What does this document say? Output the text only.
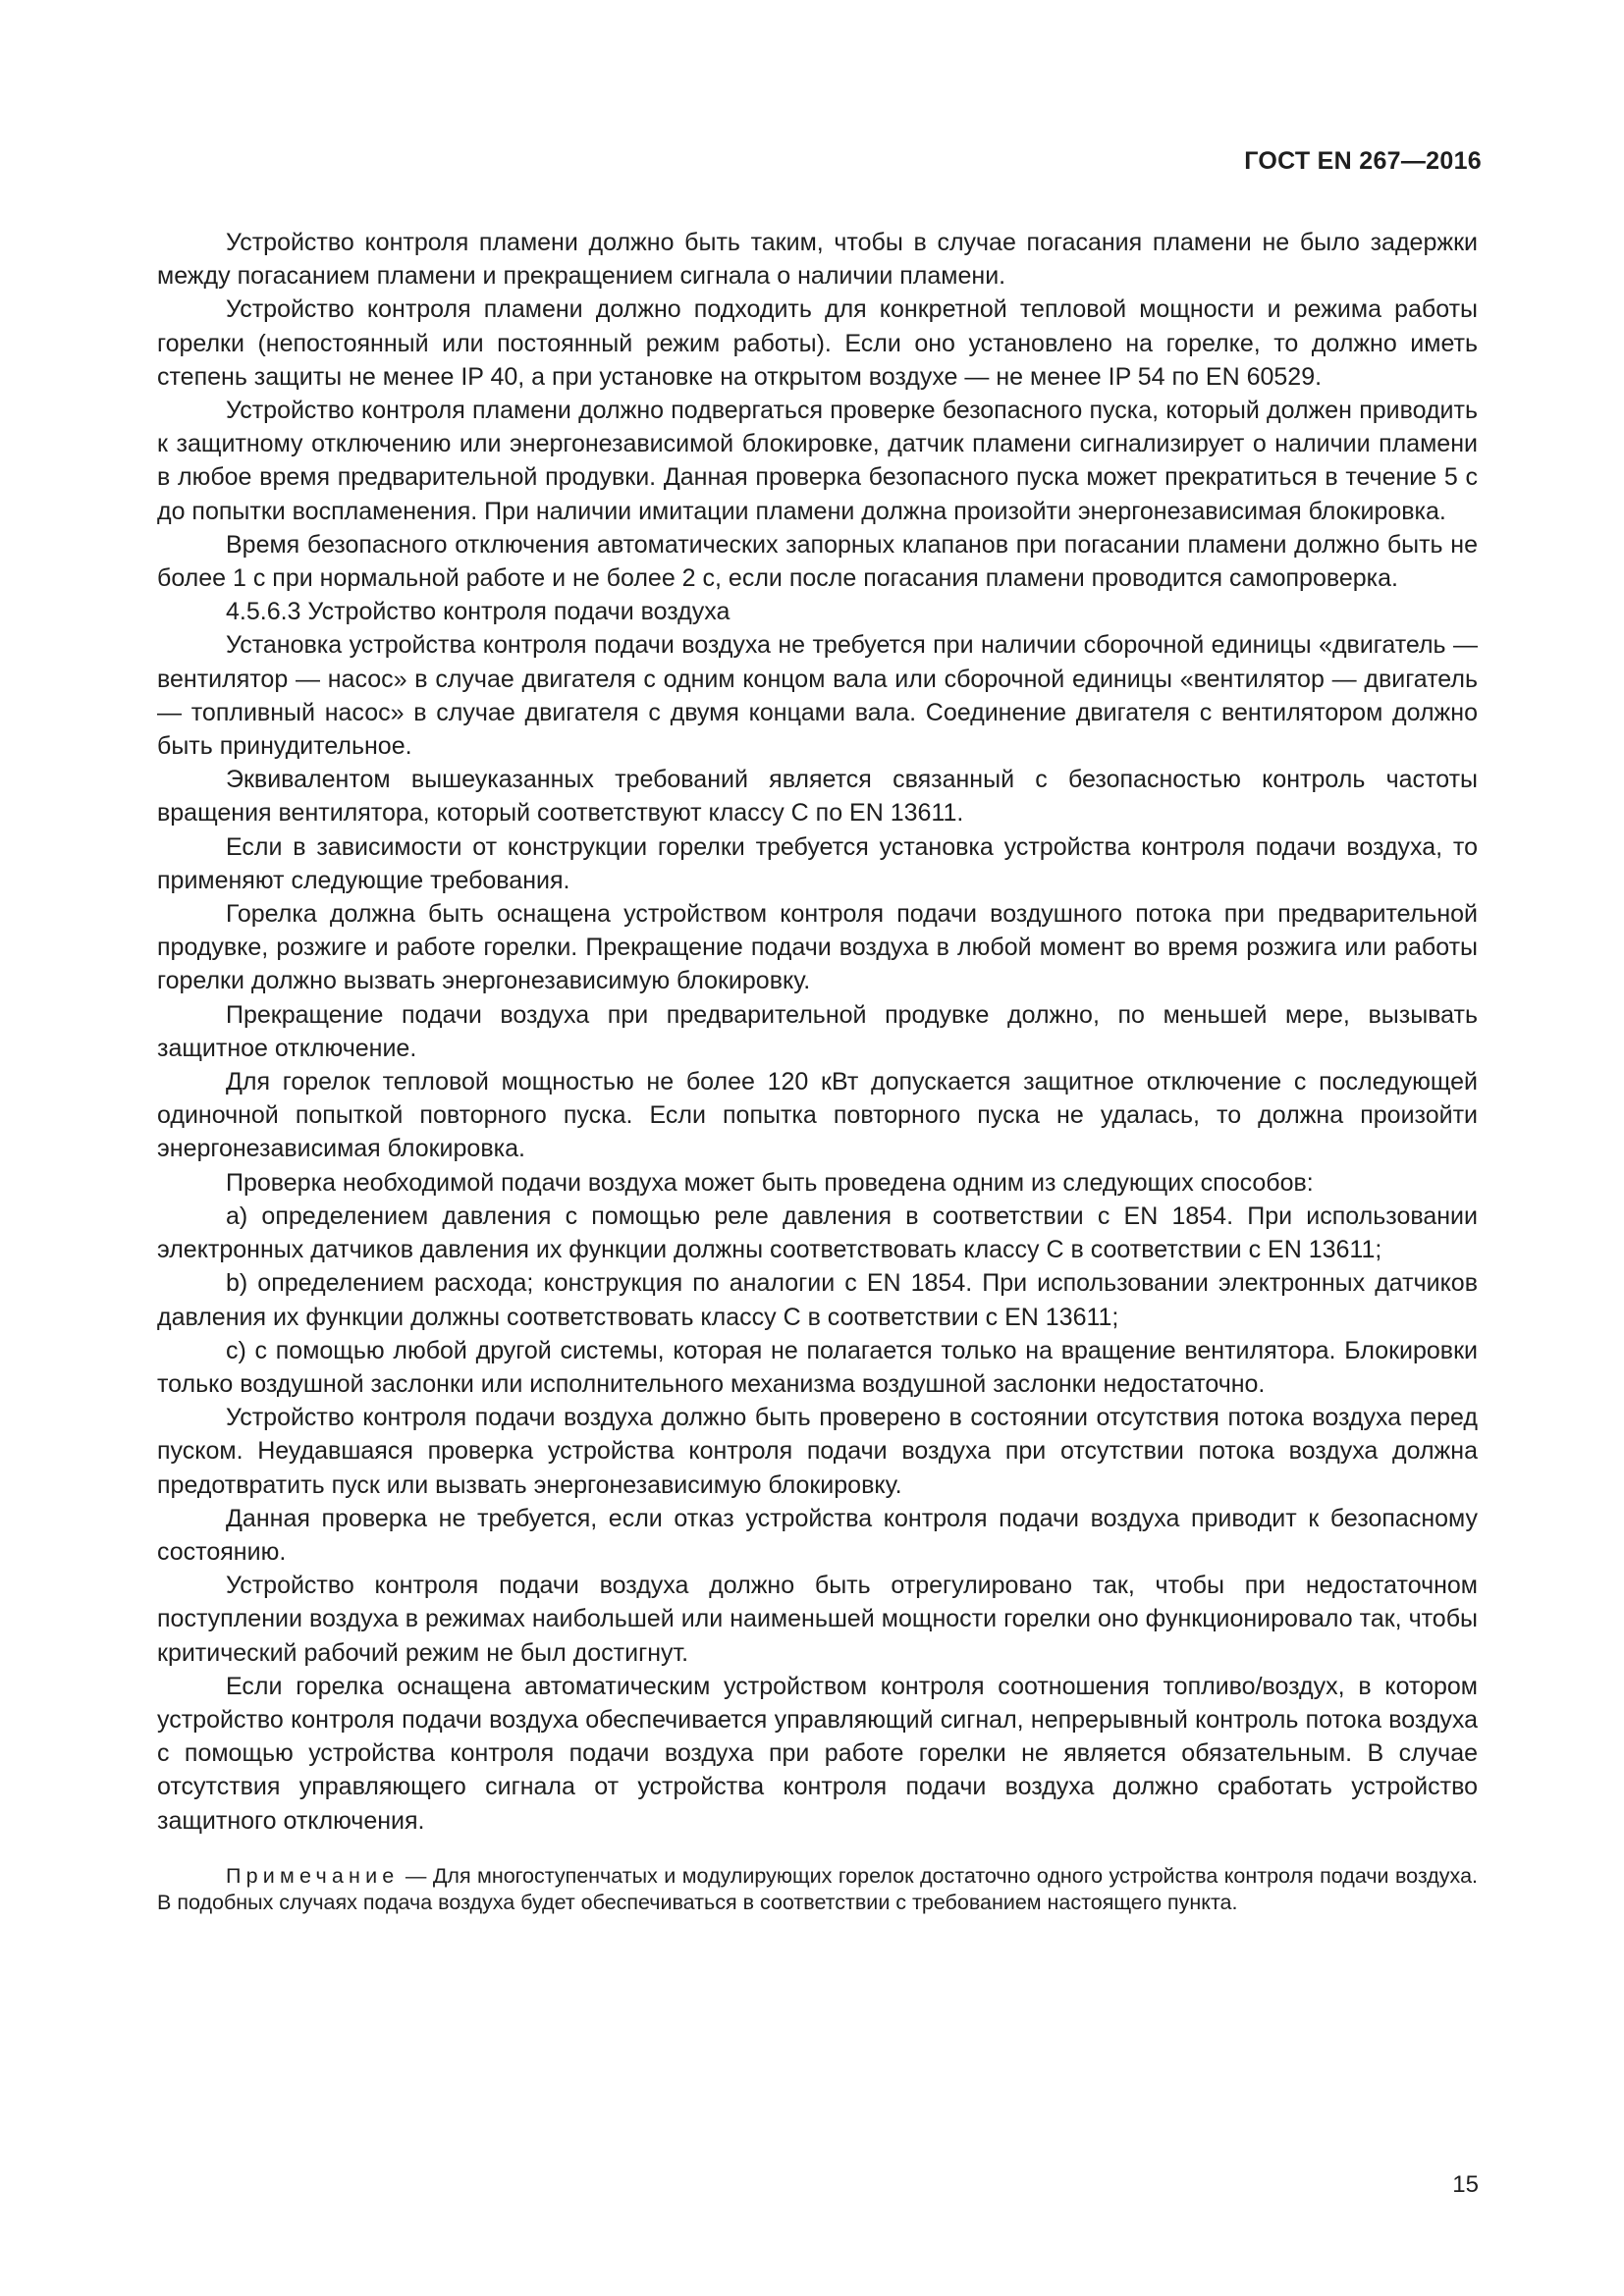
ГОСТ EN 267—2016

Устройство контроля пламени должно быть таким, чтобы в случае погасания пламени не было задержки между погасанием пламени и прекращением сигнала о наличии пламени.

Устройство контроля пламени должно подходить для конкретной тепловой мощности и режима работы горелки (непостоянный или постоянный режим работы). Если оно установлено на горелке, то должно иметь степень защиты не менее IP 40, а при установке на открытом воздухе — не менее IP 54 по EN 60529.

Устройство контроля пламени должно подвергаться проверке безопасного пуска, который должен приводить к защитному отключению или энергонезависимой блокировке, датчик пламени сигнализирует о наличии пламени в любое время предварительной продувки. Данная проверка безопасного пуска может прекратиться в течение 5 с до попытки воспламенения. При наличии имитации пламени должна произойти энергонезависимая блокировка.

Время безопасного отключения автоматических запорных клапанов при погасании пламени должно быть не более 1 с при нормальной работе и не более 2 с, если после погасания пламени проводится самопроверка.

4.5.6.3 Устройство контроля подачи воздуха

Установка устройства контроля подачи воздуха не требуется при наличии сборочной единицы «двигатель — вентилятор — насос» в случае двигателя с одним концом вала или сборочной единицы «вентилятор — двигатель — топливный насос» в случае двигателя с двумя концами вала. Соединение двигателя с вентилятором должно быть принудительное.

Эквивалентом вышеуказанных требований является связанный с безопасностью контроль частоты вращения вентилятора, который соответствуют классу С по EN 13611.

Если в зависимости от конструкции горелки требуется установка устройства контроля подачи воздуха, то применяют следующие требования.

Горелка должна быть оснащена устройством контроля подачи воздушного потока при предварительной продувке, розжиге и работе горелки. Прекращение подачи воздуха в любой момент во время розжига или работы горелки должно вызвать энергонезависимую блокировку.

Прекращение подачи воздуха при предварительной продувке должно, по меньшей мере, вызывать защитное отключение.

Для горелок тепловой мощностью не более 120 кВт допускается защитное отключение с последующей одиночной попыткой повторного пуска. Если попытка повторного пуска не удалась, то должна произойти энергонезависимая блокировка.

Проверка необходимой подачи воздуха может быть проведена одним из следующих способов:

a) определением давления с помощью реле давления в соответствии с EN 1854. При использовании электронных датчиков давления их функции должны соответствовать классу С в соответствии с EN 13611;

b) определением расхода; конструкция по аналогии с EN 1854. При использовании электронных датчиков давления их функции должны соответствовать классу С в соответствии с EN 13611;

c) с помощью любой другой системы, которая не полагается только на вращение вентилятора. Блокировки только воздушной заслонки или исполнительного механизма воздушной заслонки недостаточно.

Устройство контроля подачи воздуха должно быть проверено в состоянии отсутствия потока воздуха перед пуском. Неудавшаяся проверка устройства контроля подачи воздуха при отсутствии потока воздуха должна предотвратить пуск или вызвать энергонезависимую блокировку.

Данная проверка не требуется, если отказ устройства контроля подачи воздуха приводит к безопасному состоянию.

Устройство контроля подачи воздуха должно быть отрегулировано так, чтобы при недостаточном поступлении воздуха в режимах наибольшей или наименьшей мощности горелки оно функционировало так, чтобы критический рабочий режим не был достигнут.

Если горелка оснащена автоматическим устройством контроля соотношения топливо/воздух, в котором устройство контроля подачи воздуха обеспечивается управляющий сигнал, непрерывный контроль потока воздуха с помощью устройства контроля подачи воздуха при работе горелки не является обязательным. В случае отсутствия управляющего сигнала от устройства контроля подачи воздуха должно сработать устройство защитного отключения.

Примечание — Для многоступенчатых и модулирующих горелок достаточно одного устройства контроля подачи воздуха. В подобных случаях подача воздуха будет обеспечиваться в соответствии с требованием настоящего пункта.

15
